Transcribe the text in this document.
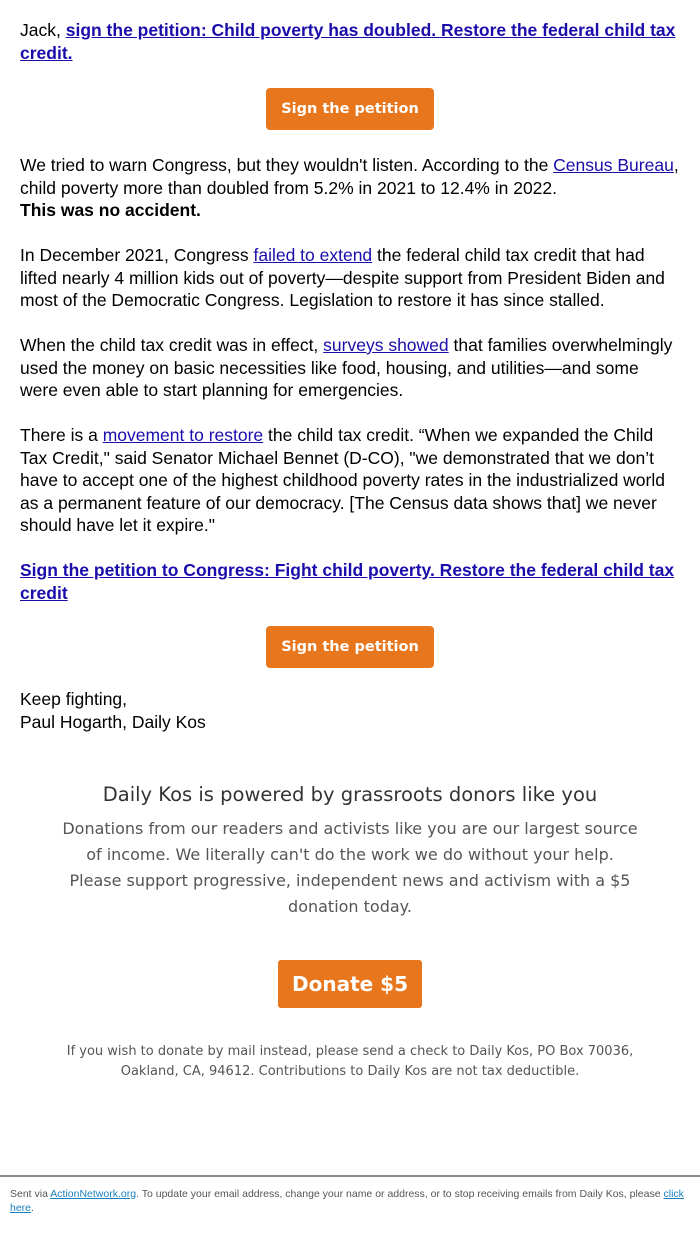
Jack, sign the petition: Child poverty has doubled. Restore the federal child tax credit.

Sign the petition

We tried to warn Congress, but they wouldn't listen. According to the Census Bureau, child poverty more than doubled from 5.2% in 2021 to 12.4% in 2022.
This was no accident.

In December 2021, Congress failed to extend the federal child tax credit that had lifted nearly 4 million kids out of poverty—despite support from President Biden and most of the Democratic Congress. Legislation to restore it has since stalled.

When the child tax credit was in effect, surveys showed that families overwhelmingly used the money on basic necessities like food, housing, and utilities—and some were even able to start planning for emergencies.

There is a movement to restore the child tax credit. “When we expanded the Child Tax Credit," said Senator Michael Bennet (D-CO), "we demonstrated that we don’t have to accept one of the highest childhood poverty rates in the industrialized world as a permanent feature of our democracy. [The Census data shows that] we never should have let it expire."

Sign the petition to Congress: Fight child poverty. Restore the federal child tax credit

Sign the petition

Keep fighting,
Paul Hogarth, Daily Kos

Daily Kos is powered by grassroots donors like you

Donations from our readers and activists like you are our largest source of income. We literally can't do the work we do without your help. Please support progressive, independent news and activism with a $5 donation today.

Donate $5

If you wish to donate by mail instead, please send a check to Daily Kos, PO Box 70036, Oakland, CA, 94612. Contributions to Daily Kos are not tax deductible.

Sent via ActionNetwork.org. To update your email address, change your name or address, or to stop receiving emails from Daily Kos, please click here.
